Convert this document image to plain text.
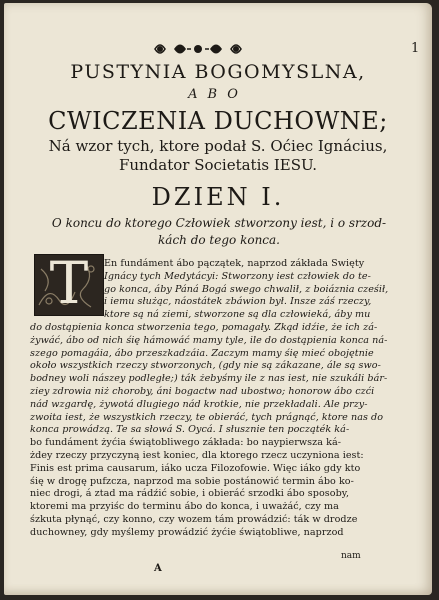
1
PUSTYNIA BOGOMYSLNA,
ABO
CWICZENIA DUCHOWNE;
Ná wzor tych, ktore podał S. Oćiec Ignácius,
Fundator Societatis IESU.
DZIEN I.
O koncu do ktorego Człowiek stworzony iest, i o srzod-
kách do tego konca.
T	En fundáment ábo pączątek, naprzod zákłada Swięty
Ignácy tych Medytácyi: Stworzony iest człowiek do te-
go konca, áby Páná Bogá swego chwalił, z boiáznia cześił,
i iemu służąc, náostátek zbáwion był. Insze záś rzeczy,
ktore są ná ziemi, stworzone są dla człowieká, áby mu
do dostąpienia konca stworzenia tego, pomagały. Zkąd idźie, że ich zá-
żywáć, ábo od nich śię hámowáć mamy tyle, ile do dostąpienia konca ná-
szego pomagáia, ábo przeszkadzáia. Zaczym mamy śię mieć obojętnie
około wszystkich rzeczy stworzonych, (gdy nie są zákazane, ále są swo-
bodney woli nászey podległe;) ták żebyśmy ile z nas iest, nie szukáli bár-
ziey zdrowia niż choroby, áni bogactw nad ubostwo; honorow ábo czći
nád wzgardę, żywotá dlugiego nád krotkie, nie przekładali. Ale przy-
zwoita iest, że wszystkich rzeczy, te obieráć, tych prágnąć, ktore nas do
konca prowádzą. Te sa słowá S. Oycá. I słusznie ten począték ká-
bo fundáment żyćia świątobliwego zákłada: bo naypierwsza ká-
żdey rzeczy przyczyną iest koniec, dla ktorego rzecz uczyniona iest:
Finis est prima causarum, iáko ucza Filozofowie. Więc iáko gdy kto
śię w drogę pufzcza, naprzod ma sobie postánowić termin ábo ko-
niec drogi, á ztad ma rádźić sobie, i obieráć srzodki ábo sposoby,
ktoremi ma przyiśc do terminu ábo do konca, i uważáć, czy ma
śzkuta płynąć, czy konno, czy wozem tám prowádzić: ták w drodze
duchowney, gdy myślemy prowádzić żyćie świątobliwe, naprzod
nam
A
